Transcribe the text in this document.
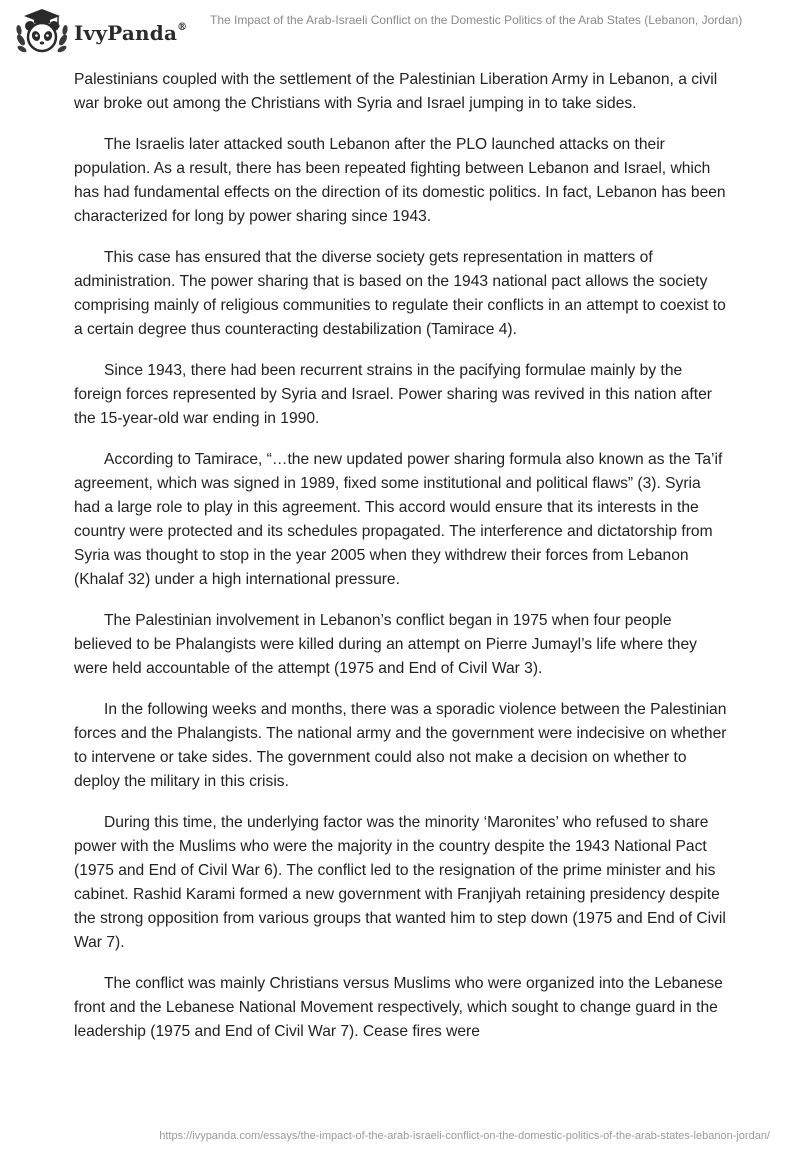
IvyPanda®
The Impact of the Arab-Israeli Conflict on the Domestic Politics of the Arab States (Lebanon, Jordan)

Palestinians coupled with the settlement of the Palestinian Liberation Army in Lebanon, a civil war broke out among the Christians with Syria and Israel jumping in to take sides.

The Israelis later attacked south Lebanon after the PLO launched attacks on their population. As a result, there has been repeated fighting between Lebanon and Israel, which has had fundamental effects on the direction of its domestic politics. In fact, Lebanon has been characterized for long by power sharing since 1943.

This case has ensured that the diverse society gets representation in matters of administration. The power sharing that is based on the 1943 national pact allows the society comprising mainly of religious communities to regulate their conflicts in an attempt to coexist to a certain degree thus counteracting destabilization (Tamirace 4).

Since 1943, there had been recurrent strains in the pacifying formulae mainly by the foreign forces represented by Syria and Israel. Power sharing was revived in this nation after the 15-year-old war ending in 1990.

According to Tamirace, “…the new updated power sharing formula also known as the Ta’if agreement, which was signed in 1989, fixed some institutional and political flaws” (3). Syria had a large role to play in this agreement. This accord would ensure that its interests in the country were protected and its schedules propagated. The interference and dictatorship from Syria was thought to stop in the year 2005 when they withdrew their forces from Lebanon (Khalaf 32) under a high international pressure.

The Palestinian involvement in Lebanon’s conflict began in 1975 when four people believed to be Phalangists were killed during an attempt on Pierre Jumayl’s life where they were held accountable of the attempt (1975 and End of Civil War 3).

In the following weeks and months, there was a sporadic violence between the Palestinian forces and the Phalangists. The national army and the government were indecisive on whether to intervene or take sides. The government could also not make a decision on whether to deploy the military in this crisis.

During this time, the underlying factor was the minority ‘Maronites’ who refused to share power with the Muslims who were the majority in the country despite the 1943 National Pact (1975 and End of Civil War 6). The conflict led to the resignation of the prime minister and his cabinet. Rashid Karami formed a new government with Franjiyah retaining presidency despite the strong opposition from various groups that wanted him to step down (1975 and End of Civil War 7).

The conflict was mainly Christians versus Muslims who were organized into the Lebanese front and the Lebanese National Movement respectively, which sought to change guard in the leadership (1975 and End of Civil War 7). Cease fires were

https://ivypanda.com/essays/the-impact-of-the-arab-israeli-conflict-on-the-domestic-politics-of-the-arab-states-lebanon-jordan/
